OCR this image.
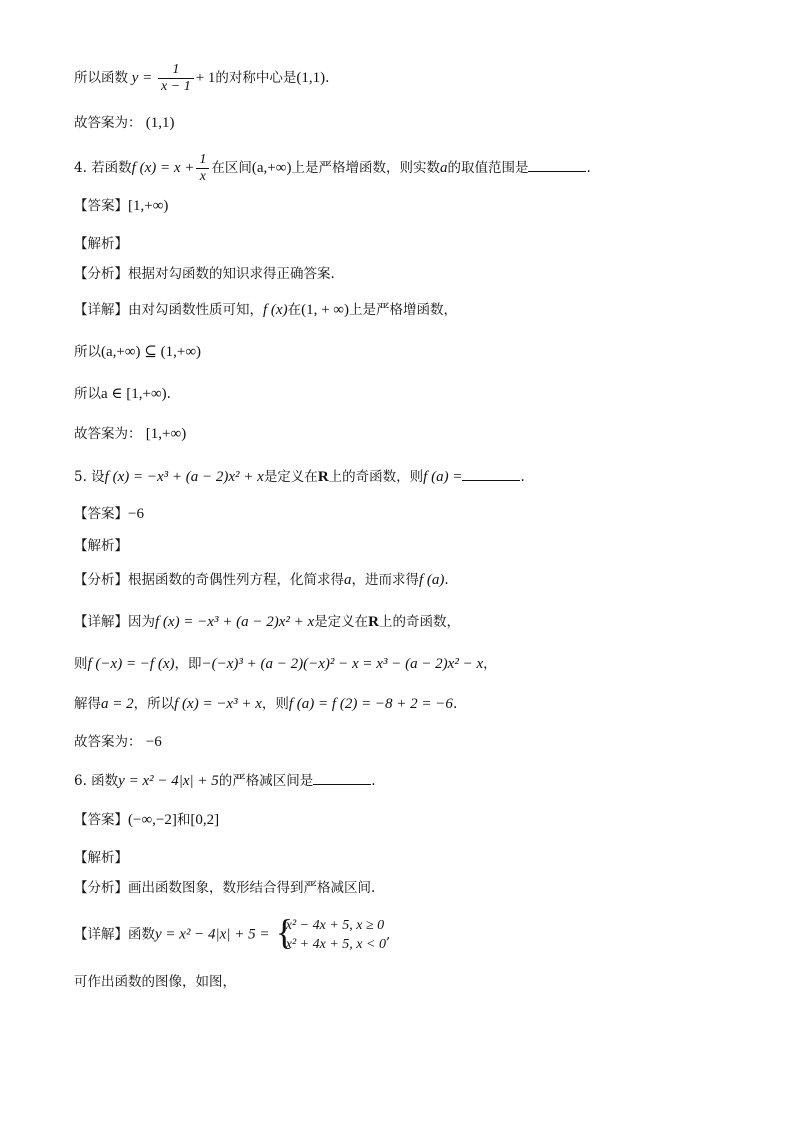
所以函数 $y = \frac{1}{x - 1} + 1$的对称中心是(1,1).
故答案为： (1,1)
4. 若函数f $(x) = x + \frac{1}{x}$ 在区间(a,+∞)上是严格增函数，则实数a的取值范围是	.
【答案】[1,+∞)
【解析】
【分析】根据对勾函数的知识求得正确答案.
【详解】由对勾函数性质可知，f (x)在(1, + ∞)上是严格增函数，
所以(a,+∞) ⊆ (1,+∞)
所以a ∈ [1,+∞).
故答案为： [1,+∞)
5. 设f (x) = −x³ + (a − 2)x² + x是定义在R上的奇函数，则f (a) =	.
【答案】−6
【解析】
【分析】根据函数的奇偶性列方程，化简求得a，进而求得f (a).
【详解】因为f (x) = −x³ + (a − 2)x² + x是定义在R上的奇函数，
则f (−x) = −f (x)，即−(−x)³ + (a − 2)(−x)² − x = x³ − (a − 2)x² − x，
解得a = 2，所以f (x) = −x³ + x，则f (a) = f (2) = −8 + 2 = −6.
故答案为： −6
6. 函数y = x² − 4|x| + 5的严格减区间是	.
【答案】(−∞,−2]和[0,2]
【解析】
【分析】画出函数图象，数形结合得到严格减区间.
【详解】函数y = x² − 4|x| + 5 = {
x² − 4x + 5, x ≥ 0
x² + 4x + 5, x < 0
,
可作出函数的图像，如图，
